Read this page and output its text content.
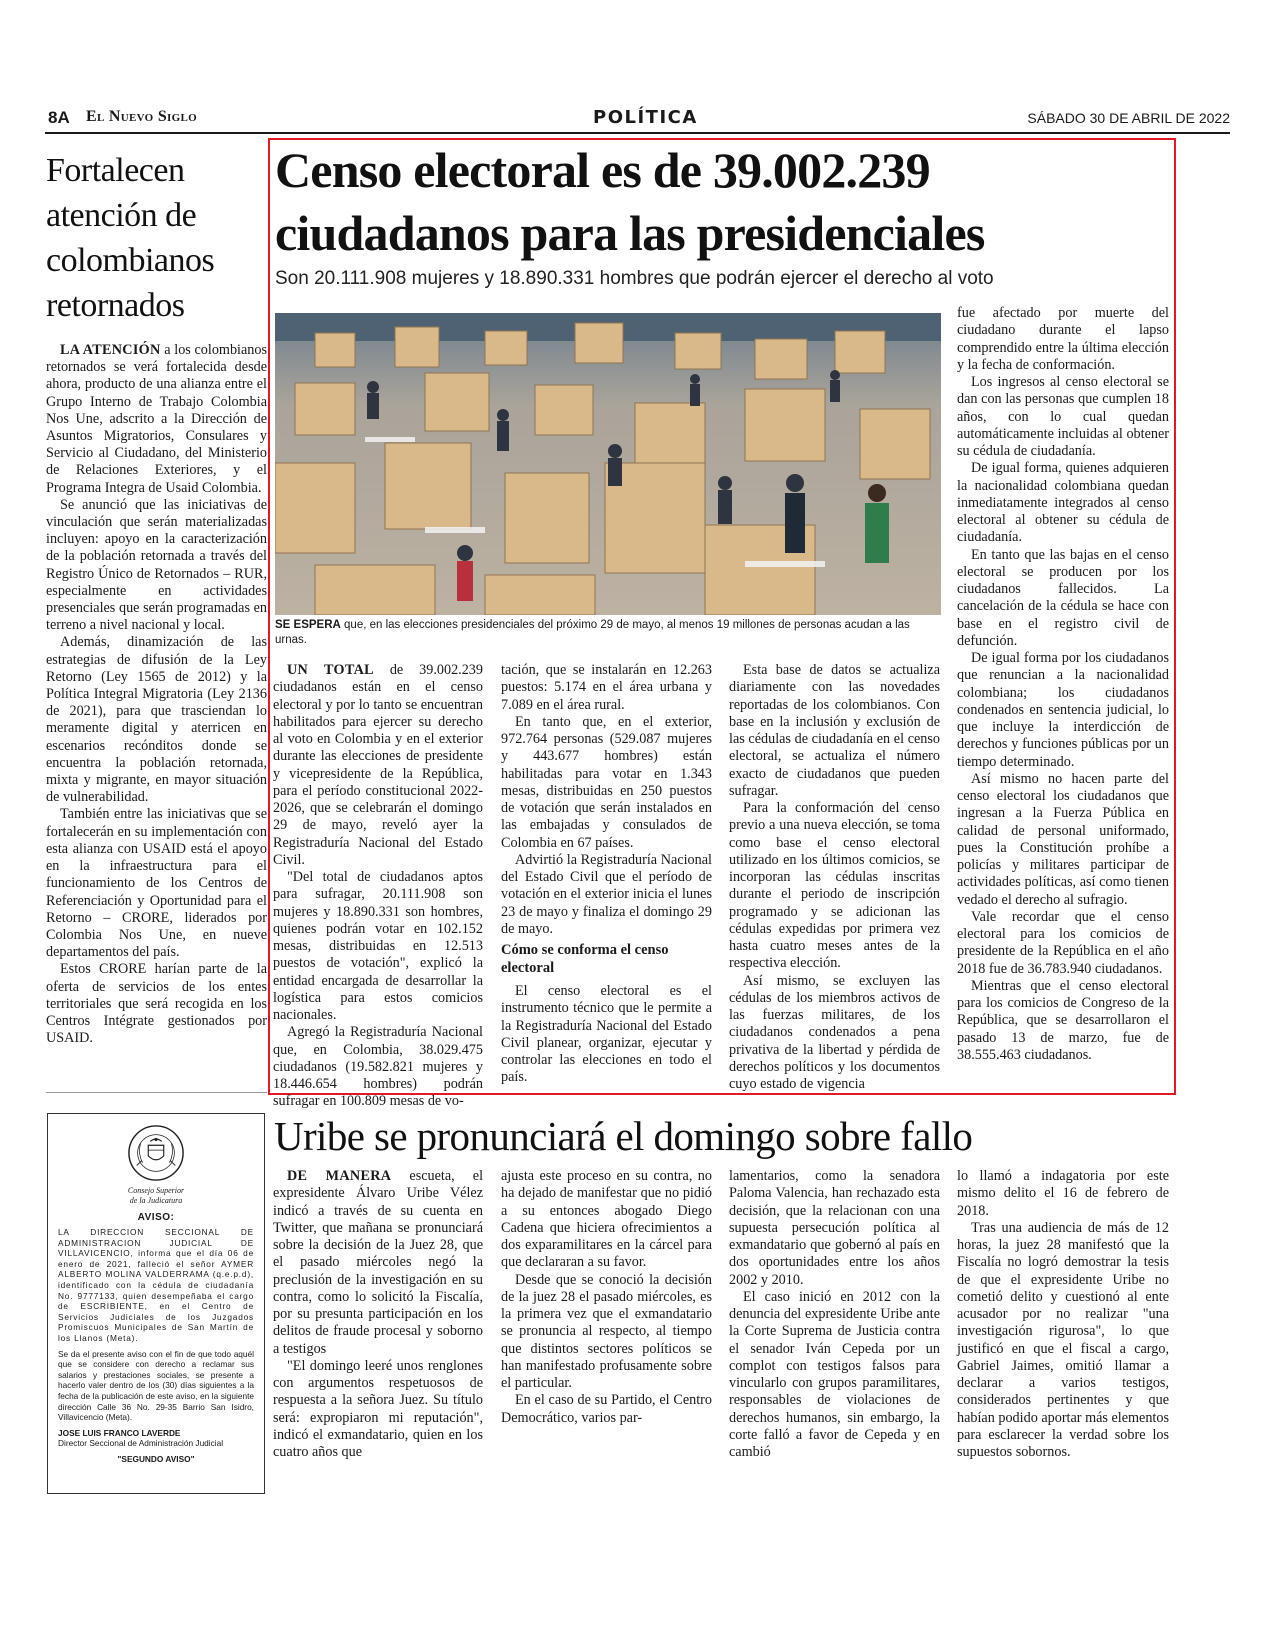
8A El Nuevo Siglo	POLÍTICA	SÁBADO 30 DE ABRIL DE 2022
Fortalecen atención de colombianos retornados

LA ATENCIÓN a los colombianos retornados se verá fortalecida desde ahora, producto de una alianza entre el Grupo Interno de Trabajo Colombia Nos Une, adscrito a la Dirección de Asuntos Migratorios, Consulares y Servicio al Ciudadano, del Ministerio de Relaciones Exteriores, y el Programa Integra de Usaid Colombia.

Se anunció que las iniciativas de vinculación que serán materializadas incluyen: apoyo en la caracterización de la población retornada a través del Registro Único de Retornados – RUR, especialmente en actividades presenciales que serán programadas en terreno a nivel nacional y local.

Además, dinamización de las estrategias de difusión de la Ley Retorno (Ley 1565 de 2012) y la Política Integral Migratoria (Ley 2136 de 2021), para que trasciendan lo meramente digital y aterricen en escenarios recónditos donde se encuentra la población retornada, mixta y migrante, en mayor situación de vulnerabilidad.

También entre las iniciativas que se fortalecerán en su implementación con esta alianza con USAID está el apoyo en la infraestructura para el funcionamiento de los Centros de Referenciación y Oportunidad para el Retorno – CRORE, liderados por Colombia Nos Une, en nueve departamentos del país.

Estos CRORE harían parte de la oferta de servicios de los entes territoriales que será recogida en los Centros Intégrate gestionados por USAID.

Consejo Superior
de la Judicatura
AVISO:

LA DIRECCION SECCIONAL DE ADMINISTRACION JUDICIAL DE VILLAVICENCIO, informa que el día 06 de enero de 2021, falleció el señor AYMER ALBERTO MOLINA VALDERRAMA (q.e.p.d), identificado con la cédula de ciudadanía No. 9777133, quien desempeñaba el cargo de ESCRIBIENTE, en el Centro de Servicios Judiciales de los Juzgados Promiscuos Municipales de San Martín de los Llanos (Meta).

Se da el presente aviso con el fin de que todo aquél que se considere con derecho a reclamar sus salarios y prestaciones sociales, se presente a hacerlo valer dentro de los (30) días siguientes a la fecha de la publicación de este aviso, en la siguiente dirección Calle 36 No. 29-35 Barrio San Isidro, Villavicencio (Meta).

JOSE LUIS FRANCO LAVERDE
Director Seccional de Administración Judicial
"SEGUNDO AVISO"
Censo electoral es de 39.002.239 ciudadanos para las presidenciales
Son 20.111.908 mujeres y 18.890.331 hombres que podrán ejercer el derecho al voto
SE ESPERA que, en las elecciones presidenciales del próximo 29 de mayo, al menos 19 millones de personas acudan a las urnas.

UN TOTAL de 39.002.239 ciudadanos están en el censo electoral y por lo tanto se encuentran habilitados para ejercer su derecho al voto en Colombia y en el exterior durante las elecciones de presidente y vicepresidente de la República, para el período constitucional 2022-2026, que se celebrarán el domingo 29 de mayo, reveló ayer la Registraduría Nacional del Estado Civil.

"Del total de ciudadanos aptos para sufragar, 20.111.908 son mujeres y 18.890.331 son hombres, quienes podrán votar en 102.152 mesas, distribuidas en 12.513 puestos de votación", explicó la entidad encargada de desarrollar la logística para estos comicios nacionales.

Agregó la Registraduría Nacional que, en Colombia, 38.029.475 ciudadanos (19.582.821 mujeres y 18.446.654 hombres) podrán sufragar en 100.809 mesas de vo-

tación, que se instalarán en 12.263 puestos: 5.174 en el área urbana y 7.089 en el área rural.

En tanto que, en el exterior, 972.764 personas (529.087 mujeres y 443.677 hombres) están habilitadas para votar en 1.343 mesas, distribuidas en 250 puestos de votación que serán instalados en las embajadas y consulados de Colombia en 67 países.

Advirtió la Registraduría Nacional del Estado Civil que el período de votación en el exterior inicia el lunes 23 de mayo y finaliza el domingo 29 de mayo.

Cómo se conforma el censo electoral

El censo electoral es el instrumento técnico que le permite a la Registraduría Nacional del Estado Civil planear, organizar, ejecutar y controlar las elecciones en todo el país.

Esta base de datos se actualiza diariamente con las novedades reportadas de los colombianos. Con base en la inclusión y exclusión de las cédulas de ciudadanía en el censo electoral, se actualiza el número exacto de ciudadanos que pueden sufragar.

Para la conformación del censo previo a una nueva elección, se toma como base el censo electoral utilizado en los últimos comicios, se incorporan las cédulas inscritas durante el periodo de inscripción programado y se adicionan las cédulas expedidas por primera vez hasta cuatro meses antes de la respectiva elección.

Así mismo, se excluyen las cédulas de los miembros activos de las fuerzas militares, de los ciudadanos condenados a pena privativa de la libertad y pérdida de derechos políticos y los documentos cuyo estado de vigencia

fue afectado por muerte del ciudadano durante el lapso comprendido entre la última elección y la fecha de conformación.

Los ingresos al censo electoral se dan con las personas que cumplen 18 años, con lo cual quedan automáticamente incluidas al obtener su cédula de ciudadanía.

De igual forma, quienes adquieren la nacionalidad colombiana quedan inmediatamente integrados al censo electoral al obtener su cédula de ciudadanía.

En tanto que las bajas en el censo electoral se producen por los ciudadanos fallecidos. La cancelación de la cédula se hace con base en el registro civil de defunción.

De igual forma por los ciudadanos que renuncian a la nacionalidad colombiana; los ciudadanos condenados en sentencia judicial, lo que incluye la interdicción de derechos y funciones públicas por un tiempo determinado.

Así mismo no hacen parte del censo electoral los ciudadanos que ingresan a la Fuerza Pública en calidad de personal uniformado, pues la Constitución prohíbe a policías y militares participar de actividades políticas, así como tienen vedado el derecho al sufragio.

Vale recordar que el censo electoral para los comicios de presidente de la República en el año 2018 fue de 36.783.940 ciudadanos.

Mientras que el censo electoral para los comicios de Congreso de la República, que se desarrollaron el pasado 13 de marzo, fue de 38.555.463 ciudadanos.

Uribe se pronunciará el domingo sobre fallo

DE MANERA escueta, el expresidente Álvaro Uribe Vélez indicó a través de su cuenta en Twitter, que mañana se pronunciará sobre la decisión de la Juez 28, que el pasado miércoles negó la preclusión de la investigación en su contra, como lo solicitó la Fiscalía, por su presunta participación en los delitos de fraude procesal y soborno a testigos

"El domingo leeré unos renglones con argumentos respetuosos de respuesta a la señora Juez. Su título será: expropiaron mi reputación", indicó el exmandatario, quien en los cuatro años que

ajusta este proceso en su contra, no ha dejado de manifestar que no pidió a su entonces abogado Diego Cadena que hiciera ofrecimientos a dos exparamilitares en la cárcel para que declararan a su favor.

Desde que se conoció la decisión de la juez 28 el pasado miércoles, es la primera vez que el exmandatario se pronuncia al respecto, al tiempo que distintos sectores políticos se han manifestado profusamente sobre el particular.

En el caso de su Partido, el Centro Democrático, varios par-

lamentarios, como la senadora Paloma Valencia, han rechazado esta decisión, que la relacionan con una supuesta persecución política al exmandatario que gobernó al país en dos oportunidades entre los años 2002 y 2010.

El caso inició en 2012 con la denuncia del expresidente Uribe ante la Corte Suprema de Justicia contra el senador Iván Cepeda por un complot con testigos falsos para vincularlo con grupos paramilitares, responsables de violaciones de derechos humanos, sin embargo, la corte falló a favor de Cepeda y en cambió

lo llamó a indagatoria por este mismo delito el 16 de febrero de 2018.

Tras una audiencia de más de 12 horas, la juez 28 manifestó que la Fiscalía no logró demostrar la tesis de que el expresidente Uribe no cometió delito y cuestionó al ente acusador por no realizar "una investigación rigurosa", lo que justificó en que el fiscal a cargo, Gabriel Jaimes, omitió llamar a declarar a varios testigos, considerados pertinentes y que habían podido aportar más elementos para esclarecer la verdad sobre los supuestos sobornos.
